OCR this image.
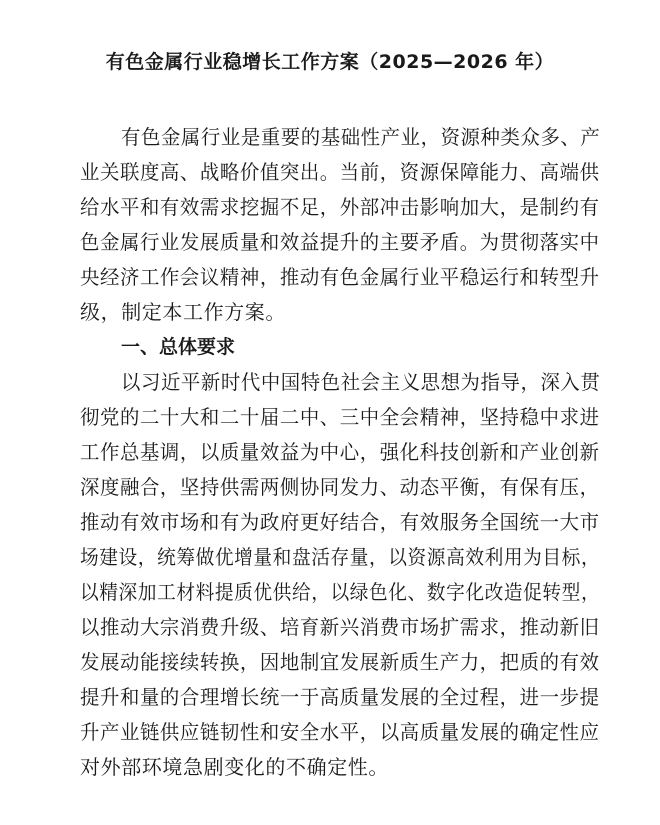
有色金属行业稳增长工作方案（2025—2026 年）
有色金属行业是重要的基础性产业，资源种类众多、产
业关联度高、战略价值突出。当前，资源保障能力、高端供
给水平和有效需求挖掘不足，外部冲击影响加大，是制约有
色金属行业发展质量和效益提升的主要矛盾。为贯彻落实中
央经济工作会议精神，推动有色金属行业平稳运行和转型升
级，制定本工作方案。
一、总体要求
以习近平新时代中国特色社会主义思想为指导，深入贯
彻党的二十大和二十届二中、三中全会精神，坚持稳中求进
工作总基调，以质量效益为中心，强化科技创新和产业创新
深度融合，坚持供需两侧协同发力、动态平衡，有保有压，
推动有效市场和有为政府更好结合，有效服务全国统一大市
场建设，统筹做优增量和盘活存量，以资源高效利用为目标，
以精深加工材料提质优供给，以绿色化、数字化改造促转型，
以推动大宗消费升级、培育新兴消费市场扩需求，推动新旧
发展动能接续转换，因地制宜发展新质生产力，把质的有效
提升和量的合理增长统一于高质量发展的全过程，进一步提
升产业链供应链韧性和安全水平，以高质量发展的确定性应
对外部环境急剧变化的不确定性。
